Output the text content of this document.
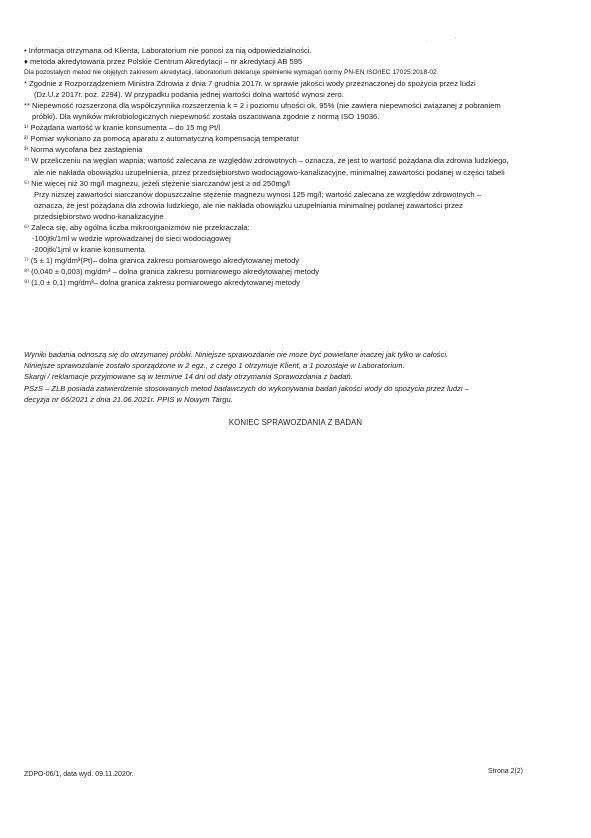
·                '

• Informacja otrzymana od Klienta, Laboratorium nie ponosi za nią odpowiedzialności.

♦ metoda akredytowana przez Polskie Centrum Akredytacji – nr akredytacji AB 595

Dla pozostałych metod nie objętych zakresem akredytacji, laboratorium deklaruje spełnienie wymagań normy PN-EN ISO/IEC 17025:2018-02

* Zgodnie z Rozporządzeniem Ministra Zdrowia z dnia 7 grudnia 2017r. w sprawie jakości wody przeznaczonej do spożycia przez ludzi

(Dz.U.z 2017r. poz. 2294). W przypadku podania jednej wartości dolna wartość wynosi zero.

** Niepewność rozszerzona dla współczynnika rozszerzenia k = 2 i poziomu ufności ok. 95% (nie zawiera niepewności związanej z pobraniem

próbki). Dla wyników mikrobiologicznych niepewność została oszacowana zgodnie z normą ISO 19036.

¹⁾ Pożądana wartość w kranie konsumenta – do 15 mg Pt/l

²⁾ Pomiar wykonano za pomocą aparatu z automatyczną kompensacją temperatur

³⁾ Norma wycofana bez zastąpienia

⁴⁾ W przeliczeniu na węglan wapnia; wartość zalecana ze względów zdrowotnych – oznacza, że jest to wartość pożądana dla zdrowia ludzkiego,

ale nie nakłada obowiązku uzupełnienia, przez przedsiębiorstwo wodociągowo-kanalizacyjne, minimalnej zawartości podanej w części tabeli

⁵⁾ Nie więcej niż 30 mg/l magnezu, jeżeli stężenie siarczanów jest ≥ od 250mg/l

Przy niższej zawartości siarczanów dopuszczalne stężenie magnezu wynosi 125 mg/l; wartość zalecana ze względów zdrowotnych –

oznacza, że jest pożądana dla zdrowia ludzkiego, ale nie nakłada obowiązku uzupełniania minimalnej podanej zawartości przez

przedsiębiorstwo wodno-kanalizacyjne

⁶⁾ Zaleca się, aby ogólna liczba mikroorganizmów nie przekraczała:

-100jtk/1ml w wodzie wprowadzanej do sieci wodociągowej

-200jtk/1jml w kranie konsumenta

⁷⁾ (5 ± 1) mg/dm³(Pt)– dolna granica zakresu pomiarowego akredytowanej metody

⁸⁾ (0,040 ± 0,003) mg/dm³ – dolna granica zakresu pomiarowego akredytowanej metody

⁹⁾ (1,0 ± 0,1) mg/dm³– dolna granica zakresu pomiarowego akredytowanej metody

Wyniki badania odnoszą się do otrzymanej próbki. Niniejsze sprawozdanie nie może być powielane inaczej jak tylko w całości.

Niniejsze sprawozdanie zostało sporządzone w 2 egz., z czego 1 otrzymuje Klient, a 1 pozostaje w Laboratorium.

Skargi / reklamacje przyjmowane są w terminie 14 dni od daty otrzymania Sprawozdania z badań.

PSzS – ZLB posiada zatwierdzenie stosowanych metod badawczych do wykonywania badań jakości wody do spożycia przez ludzi –

decyzja nr 66/2021 z dnia 21.06.2021r. PPIS w Nowym Targu.

KONIEC SPRAWOZDANIA Z BADAŃ
ZDPO-06/1, data wyd. 09.11.2020r.	Strona 2(2)
